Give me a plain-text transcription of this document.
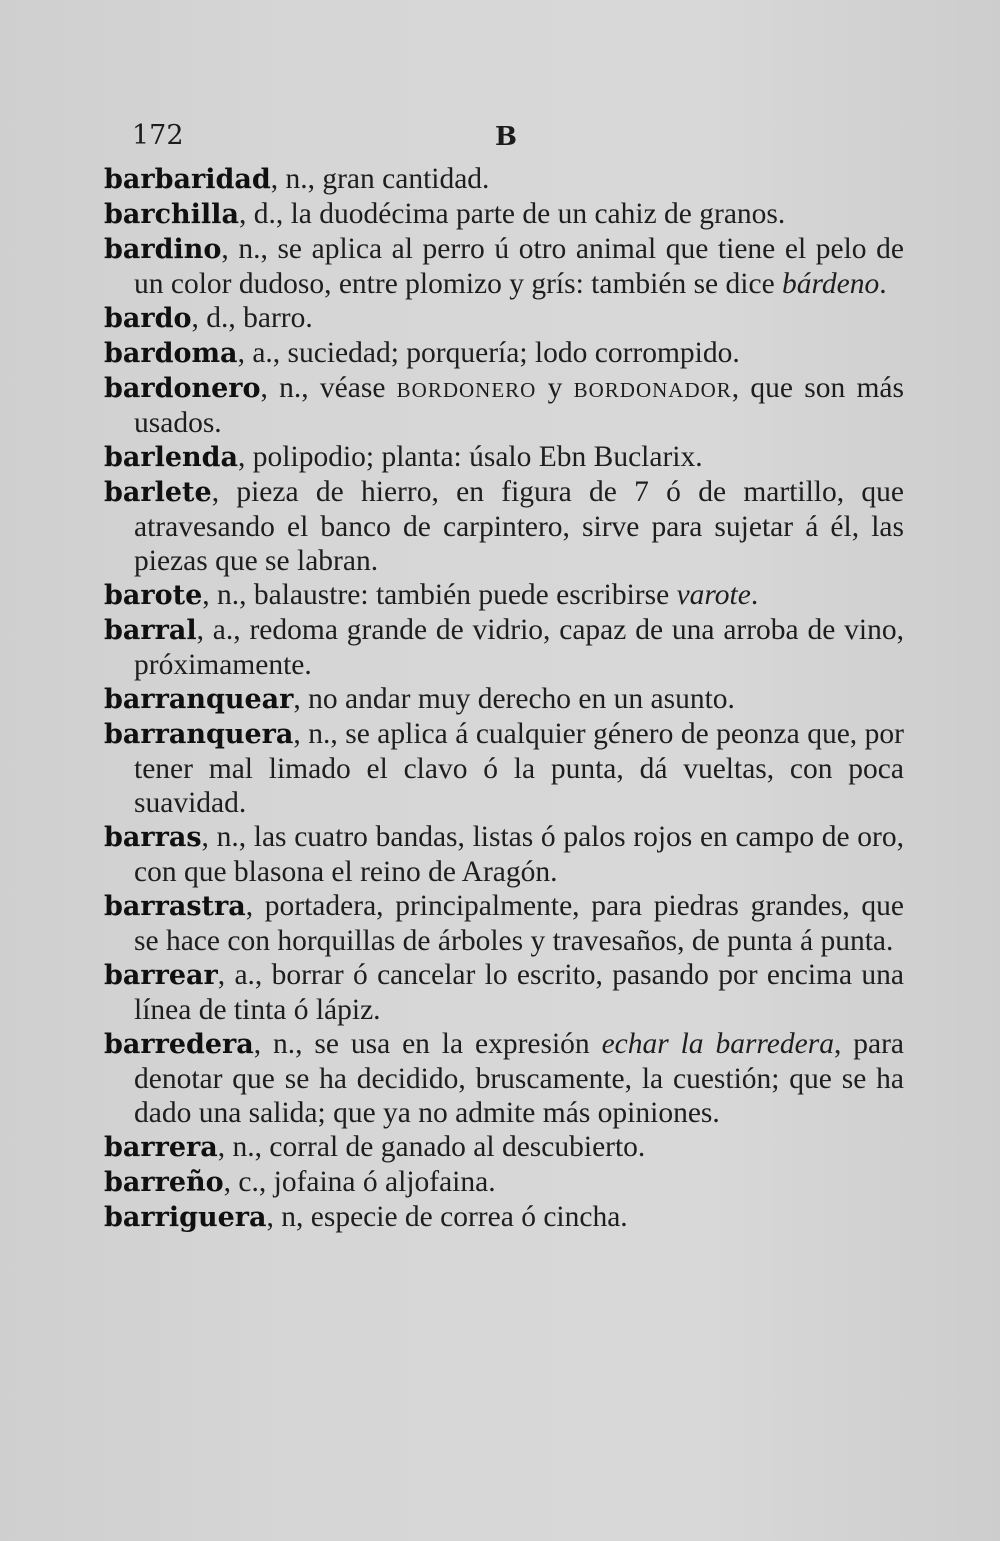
172	B

barbaridad, n., gran cantidad.

barchilla, d., la duodécima parte de un cahiz de granos.

bardino, n., se aplica al perro ú otro animal que tiene el pelo de un color dudoso, entre plomizo y grís: también se dice bárdeno.

bardo, d., barro.

bardoma, a., suciedad; porquería; lodo corrompido.

bardonero, n., véase bordonero y bordonador, que son más usados.

barlenda, polipodio; planta: úsalo Ebn Buclarix.

barlete, pieza de hierro, en figura de 7 ó de martillo, que atravesando el banco de carpintero, sirve para sujetar á él, las piezas que se labran.

barote, n., balaustre: también puede escribirse varote.

barral, a., redoma grande de vidrio, capaz de una arroba de vino, próximamente.

barranquear, no andar muy derecho en un asunto.

barranquera, n., se aplica á cualquier género de peonza que, por tener mal limado el clavo ó la punta, dá vueltas, con poca suavidad.

barras, n., las cuatro bandas, listas ó palos rojos en campo de oro, con que blasona el reino de Aragón.

barrastra, portadera, principalmente, para piedras grandes, que se hace con horquillas de árboles y travesaños, de punta á punta.

barrear, a., borrar ó cancelar lo escrito, pasando por encima una línea de tinta ó lápiz.

barredera, n., se usa en la expresión echar la barredera, para denotar que se ha decidido, bruscamente, la cuestión; que se ha dado una salida; que ya no admite más opiniones.

barrera, n., corral de ganado al descubierto.

barreño, c., jofaina ó aljofaina.

barriguera, n, especie de correa ó cincha.
